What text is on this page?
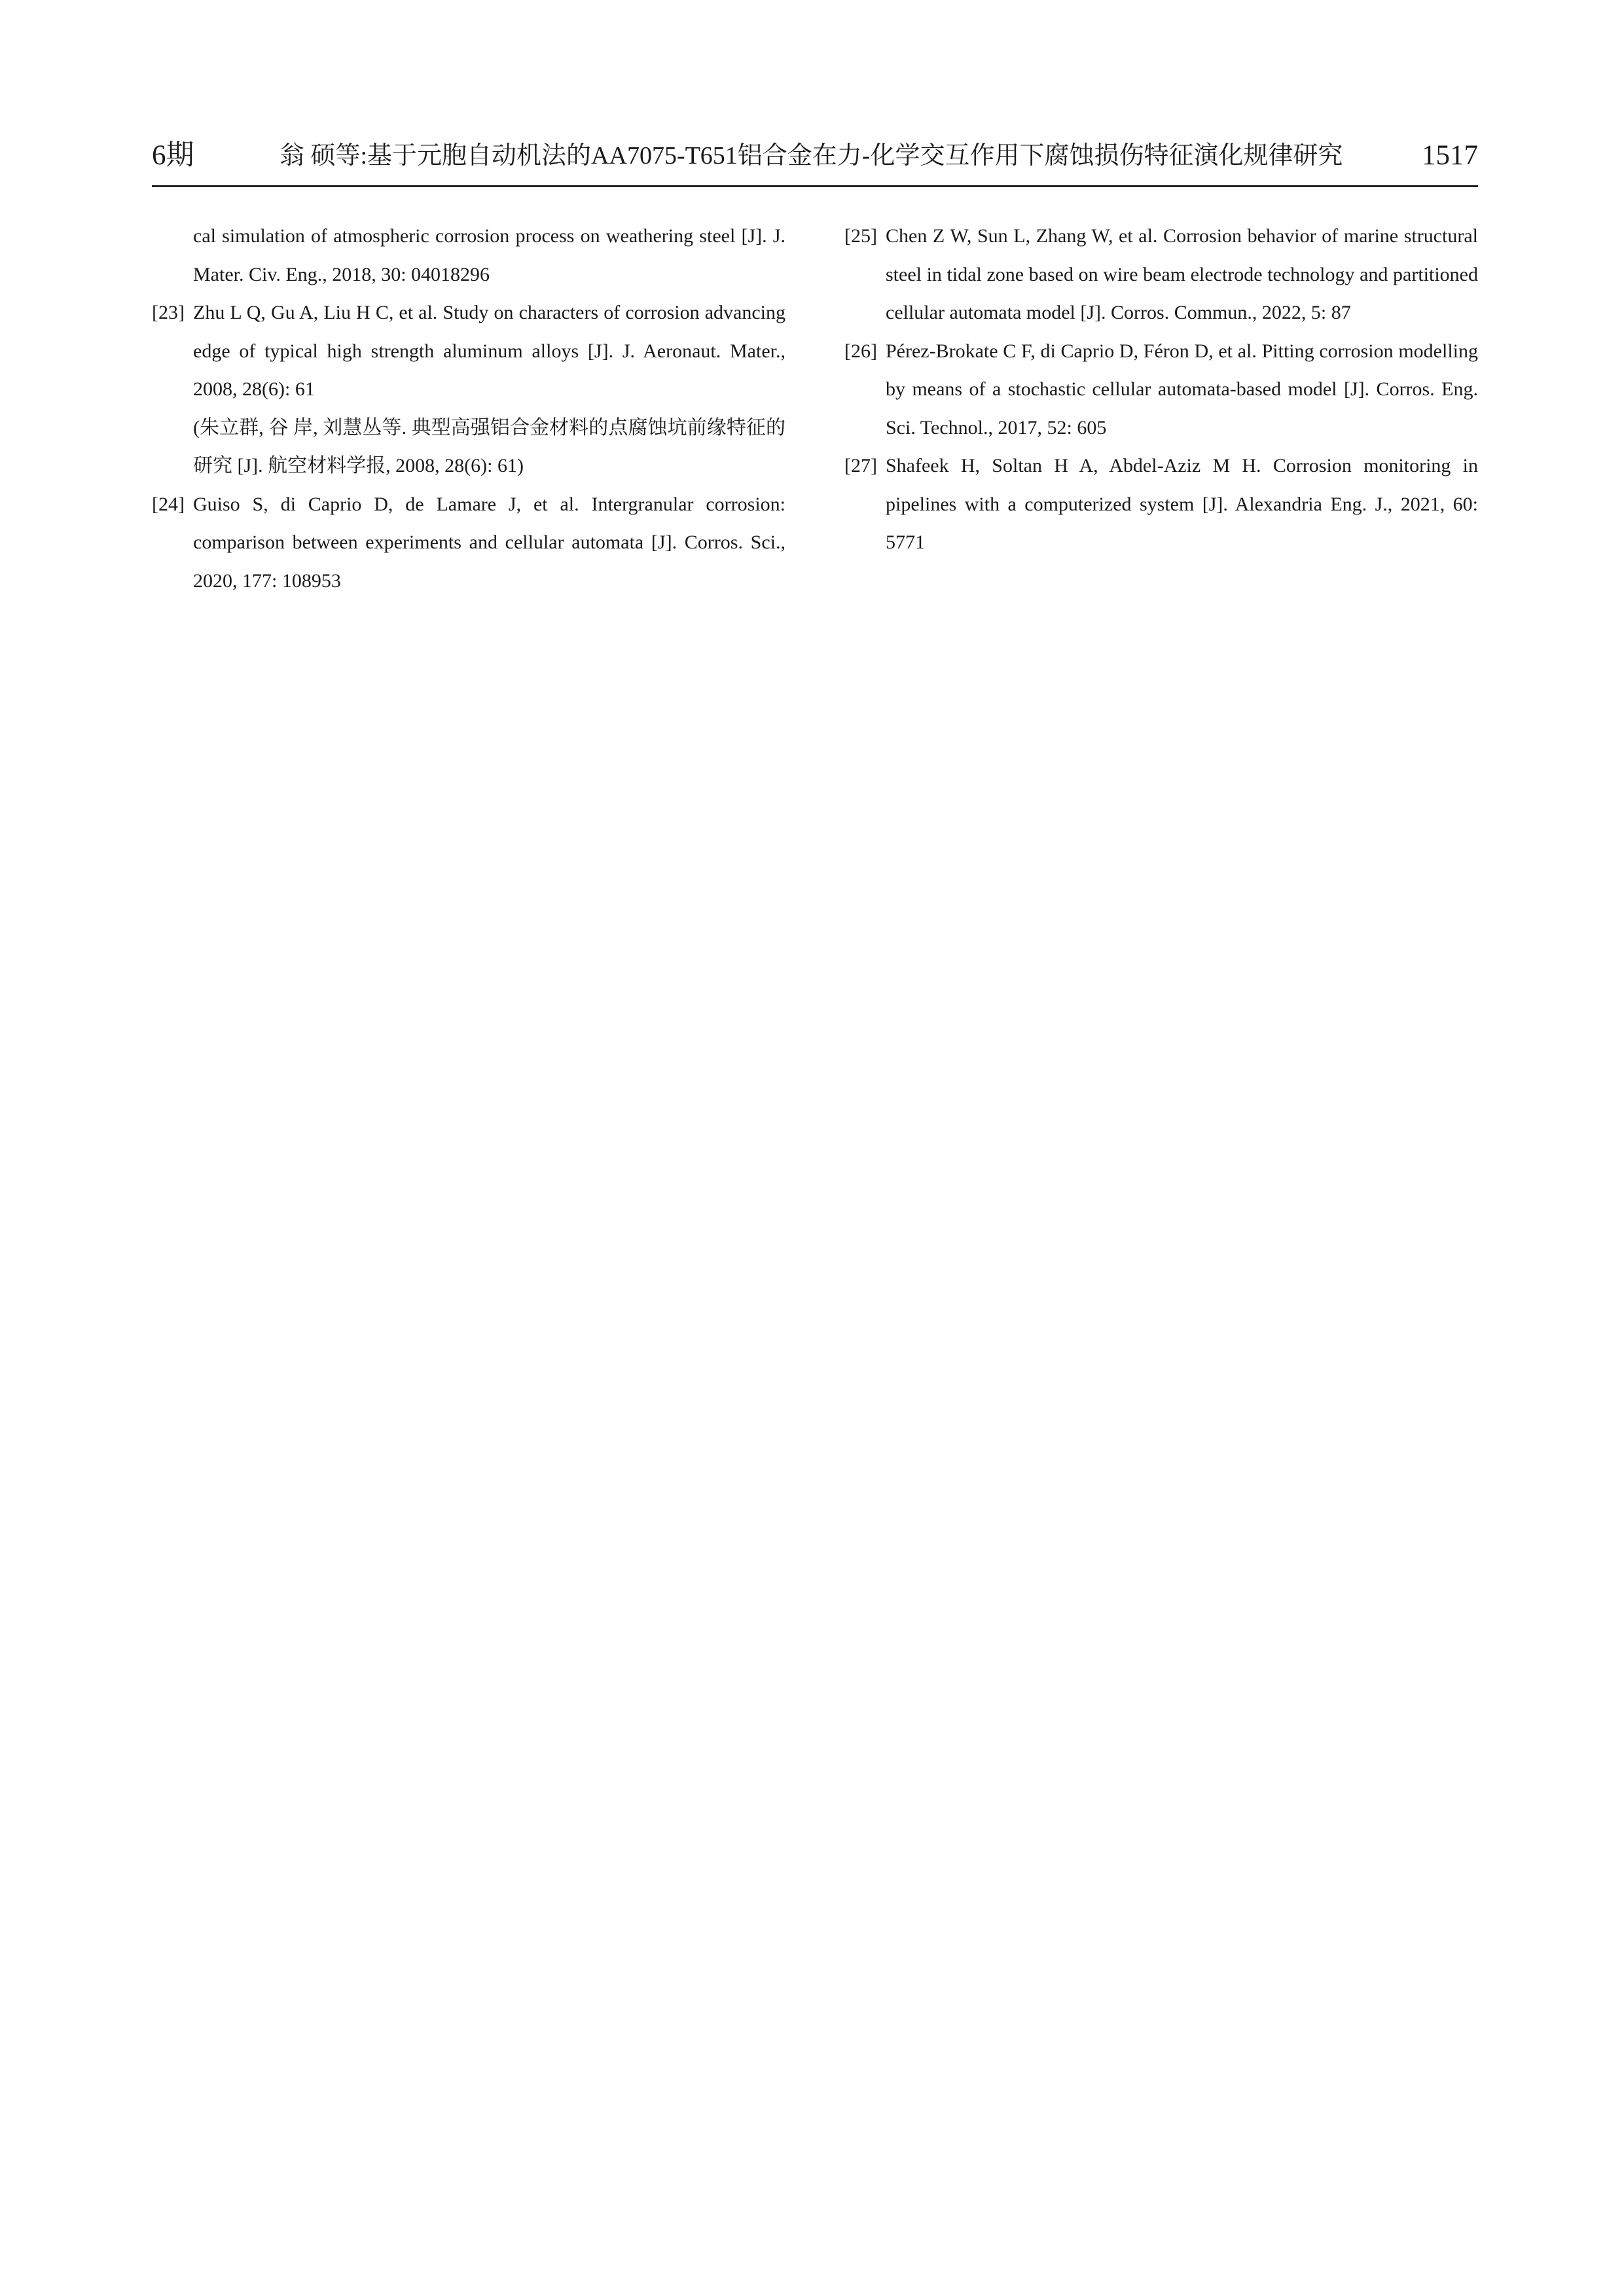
6期	翁 硕等:基于元胞自动机法的AA7075-T651铝合金在力-化学交互作用下腐蚀损伤特征演化规律研究	1517
cal simulation of atmospheric corrosion process on weathering steel [J]. J. Mater. Civ. Eng., 2018, 30: 04018296
[23] Zhu L Q, Gu A, Liu H C, et al. Study on characters of corrosion advancing edge of typical high strength aluminum alloys [J]. J. Aeronaut. Mater., 2008, 28(6): 61
(朱立群, 谷 岸, 刘慧丛等. 典型高强铝合金材料的点腐蚀坑前缘特征的研究 [J]. 航空材料学报, 2008, 28(6): 61)
[24] Guiso S, di Caprio D, de Lamare J, et al. Intergranular corrosion: comparison between experiments and cellular automata [J]. Corros. Sci., 2020, 177: 108953
[25] Chen Z W, Sun L, Zhang W, et al. Corrosion behavior of marine structural steel in tidal zone based on wire beam electrode technology and partitioned cellular automata model [J]. Corros. Commun., 2022, 5: 87
[26] Pérez-Brokate C F, di Caprio D, Féron D, et al. Pitting corrosion modelling by means of a stochastic cellular automata-based model [J]. Corros. Eng. Sci. Technol., 2017, 52: 605
[27] Shafeek H, Soltan H A, Abdel-Aziz M H. Corrosion monitoring in pipelines with a computerized system [J]. Alexandria Eng. J., 2021, 60: 5771
